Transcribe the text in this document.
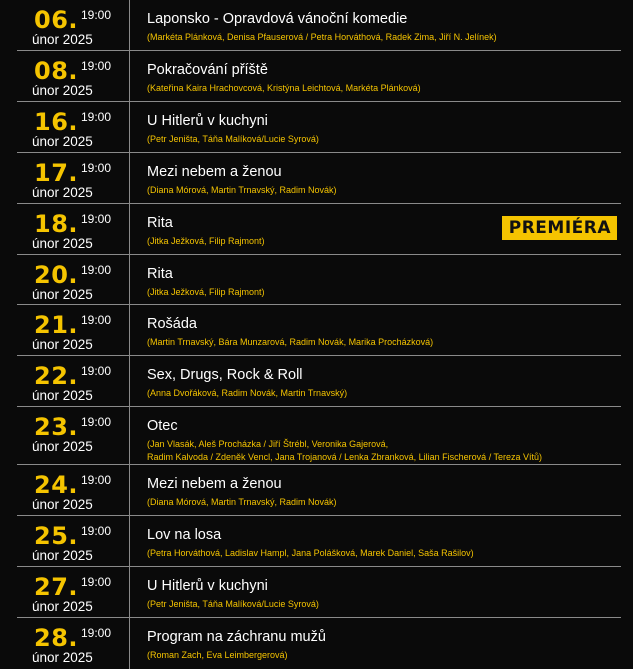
06. 19:00
únor 2025
Laponsko - Opravdová vánoční komedie
(Markéta Plánková, Denisa Pfauserová / Petra Horváthová, Radek Zima, Jiří N. Jelínek)
08. 19:00
únor 2025
Pokračování příště
(Kateřina Kaira Hrachovcová, Kristýna Leichtová, Markéta Plánková)
16. 19:00
únor 2025
U Hitlerů v kuchyni
(Petr Jeništa, Táňa Malíková/Lucie Syrová)
17. 19:00
únor 2025
Mezi nebem a ženou
(Diana Mórová, Martin Trnavský, Radim Novák)
18. 19:00
únor 2025
Rita
(Jitka Ježková, Filip Rajmont)
PREMIÉRA
20. 19:00
únor 2025
Rita
(Jitka Ježková, Filip Rajmont)
21. 19:00
únor 2025
Rošáda
(Martin Trnavský, Bára Munzarová, Radim Novák, Marika Procházková)
22. 19:00
únor 2025
Sex, Drugs, Rock & Roll
(Anna Dvořáková, Radim Novák, Martin Trnavský)
23. 19:00
únor 2025
Otec
(Jan Vlasák, Aleš Procházka / Jiří Štrébl, Veronika Gajerová,
Radim Kalvoda / Zdeněk Vencl, Jana Trojanová / Lenka Zbranková, Lilian Fischerová / Tereza Vítů)
24. 19:00
únor 2025
Mezi nebem a ženou
(Diana Mórová, Martin Trnavský, Radim Novák)
25. 19:00
únor 2025
Lov na losa
(Petra Horváthová, Ladislav Hampl, Jana Polášková, Marek Daniel, Saša Rašilov)
27. 19:00
únor 2025
U Hitlerů v kuchyni
(Petr Jeništa, Táňa Malíková/Lucie Syrová)
28. 19:00
únor 2025
Program na záchranu mužů
(Roman Zach, Eva Leimbergerová)
